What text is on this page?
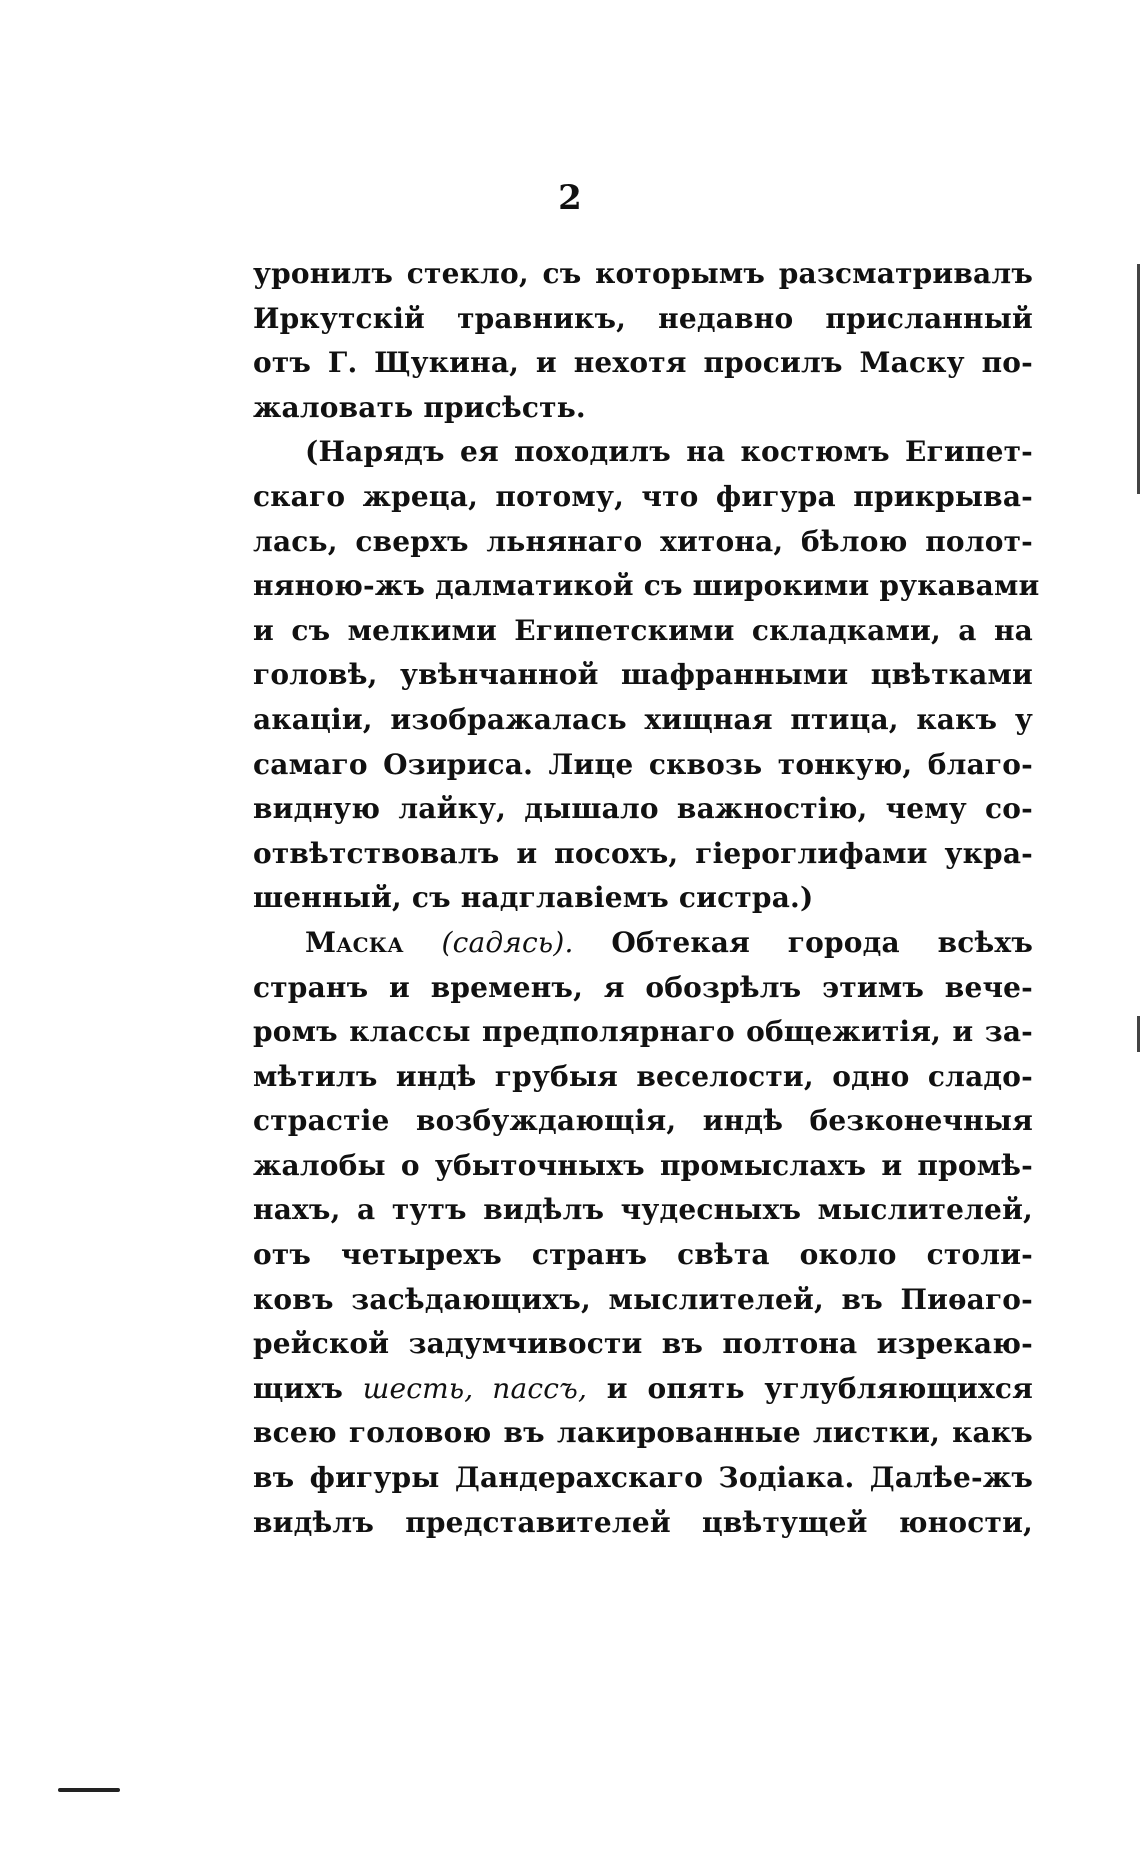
2
уронилъ стекло, съ которымъ разсматривалъ
Иркутскій травникъ, недавно присланный
отъ Г. Щукина, и нехотя просилъ Маску по-
жаловать присѣсть.
(Нарядъ ея походилъ на костюмъ Египет-
скаго жреца, потому, что фигура прикрыва-
лась, сверхъ льнянаго хитона, бѣлою полот-
няною-жъ далматикой съ широкими рукавами
и съ мелкими Египетскими складками, а на
головѣ, увѣнчанной шафранными цвѣтками
акаціи, изображалась хищная птица, какъ у
самаго Озириса. Лице сквозь тонкую, благо-
видную лайку, дышало важностію, чему со-
отвѣтствовалъ и посохъ, гіероглифами укра-
шенный, съ надглавіемъ систра.)
Маска (садясь). Обтекая города всѣхъ
странъ и временъ, я обозрѣлъ этимъ вече-
ромъ классы предполярнаго общежитія, и за-
мѣтилъ индѣ грубыя веселости, одно сладо-
страстіе возбуждающія, индѣ безконечныя
жалобы о убыточныхъ промыслахъ и промѣ-
нахъ, а тутъ видѣлъ чудесныхъ мыслителей,
отъ четырехъ странъ свѣта около столи-
ковъ засѣдающихъ, мыслителей, въ Пиѳаго-
рейской задумчивости въ полтона изрекаю-
щихъ шесть, пассъ, и опять углубляющихся
всею головою въ лакированные листки, какъ
въ фигуры Дандерахскаго Зодіака. Далѣе-жъ
видѣлъ представителей цвѣтущей юности,
